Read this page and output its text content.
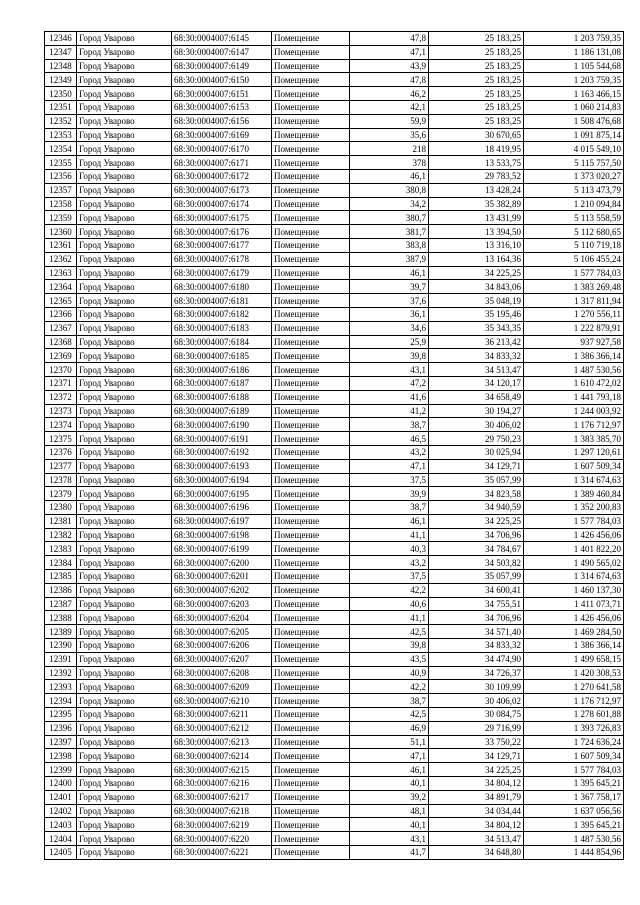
12346	Город Уварово	68:30:0004007:6145	Помещение	47,8	25 183,25	1 203 759,35
12347	Город Уварово	68:30:0004007:6147	Помещение	47,1	25 183,25	1 186 131,08
12348	Город Уварово	68:30:0004007:6149	Помещение	43,9	25 183,25	1 105 544,68
12349	Город Уварово	68:30:0004007:6150	Помещение	47,8	25 183,25	1 203 759,35
12350	Город Уварово	68:30:0004007:6151	Помещение	46,2	25 183,25	1 163 466,15
12351	Город Уварово	68:30:0004007:6153	Помещение	42,1	25 183,25	1 060 214,83
12352	Город Уварово	68:30:0004007:6156	Помещение	59,9	25 183,25	1 508 476,68
12353	Город Уварово	68:30:0004007:6169	Помещение	35,6	30 670,65	1 091 875,14
12354	Город Уварово	68:30:0004007:6170	Помещение	218	18 419,95	4 015 549,10
12355	Город Уварово	68:30:0004007:6171	Помещение	378	13 533,75	5 115 757,50
12356	Город Уварово	68:30:0004007:6172	Помещение	46,1	29 783,52	1 373 020,27
12357	Город Уварово	68:30:0004007:6173	Помещение	380,8	13 428,24	5 113 473,79
12358	Город Уварово	68:30:0004007:6174	Помещение	34,2	35 382,89	1 210 094,84
12359	Город Уварово	68:30:0004007:6175	Помещение	380,7	13 431,99	5 113 558,59
12360	Город Уварово	68:30:0004007:6176	Помещение	381,7	13 394,50	5 112 680,65
12361	Город Уварово	68:30:0004007:6177	Помещение	383,8	13 316,10	5 110 719,18
12362	Город Уварово	68:30:0004007:6178	Помещение	387,9	13 164,36	5 106 455,24
12363	Город Уварово	68:30:0004007:6179	Помещение	46,1	34 225,25	1 577 784,03
12364	Город Уварово	68:30:0004007:6180	Помещение	39,7	34 843,06	1 383 269,48
12365	Город Уварово	68:30:0004007:6181	Помещение	37,6	35 048,19	1 317 811,94
12366	Город Уварово	68:30:0004007:6182	Помещение	36,1	35 195,46	1 270 556,11
12367	Город Уварово	68:30:0004007:6183	Помещение	34,6	35 343,35	1 222 879,91
12368	Город Уварово	68:30:0004007:6184	Помещение	25,9	36 213,42	937 927,58
12369	Город Уварово	68:30:0004007:6185	Помещение	39,8	34 833,32	1 386 366,14
12370	Город Уварово	68:30:0004007:6186	Помещение	43,1	34 513,47	1 487 530,56
12371	Город Уварово	68:30:0004007:6187	Помещение	47,2	34 120,17	1 610 472,02
12372	Город Уварово	68:30:0004007:6188	Помещение	41,6	34 658,49	1 441 793,18
12373	Город Уварово	68:30:0004007:6189	Помещение	41,2	30 194,27	1 244 003,92
12374	Город Уварово	68:30:0004007:6190	Помещение	38,7	30 406,02	1 176 712,97
12375	Город Уварово	68:30:0004007:6191	Помещение	46,5	29 750,23	1 383 385,70
12376	Город Уварово	68:30:0004007:6192	Помещение	43,2	30 025,94	1 297 120,61
12377	Город Уварово	68:30:0004007:6193	Помещение	47,1	34 129,71	1 607 509,34
12378	Город Уварово	68:30:0004007:6194	Помещение	37,5	35 057,99	1 314 674,63
12379	Город Уварово	68:30:0004007:6195	Помещение	39,9	34 823,58	1 389 460,84
12380	Город Уварово	68:30:0004007:6196	Помещение	38,7	34 940,59	1 352 200,83
12381	Город Уварово	68:30:0004007:6197	Помещение	46,1	34 225,25	1 577 784,03
12382	Город Уварово	68:30:0004007:6198	Помещение	41,1	34 706,96	1 426 456,06
12383	Город Уварово	68:30:0004007:6199	Помещение	40,3	34 784,67	1 401 822,20
12384	Город Уварово	68:30:0004007:6200	Помещение	43,2	34 503,82	1 490 565,02
12385	Город Уварово	68:30:0004007:6201	Помещение	37,5	35 057,99	1 314 674,63
12386	Город Уварово	68:30:0004007:6202	Помещение	42,2	34 600,41	1 460 137,30
12387	Город Уварово	68:30:0004007:6203	Помещение	40,6	34 755,51	1 411 073,71
12388	Город Уварово	68:30:0004007:6204	Помещение	41,1	34 706,96	1 426 456,06
12389	Город Уварово	68:30:0004007:6205	Помещение	42,5	34 571,40	1 469 284,50
12390	Город Уварово	68:30:0004007:6206	Помещение	39,8	34 833,32	1 386 366,14
12391	Город Уварово	68:30:0004007:6207	Помещение	43,5	34 474,90	1 499 658,15
12392	Город Уварово	68:30:0004007:6208	Помещение	40,9	34 726,37	1 420 308,53
12393	Город Уварово	68:30:0004007:6209	Помещение	42,2	30 109,99	1 270 641,58
12394	Город Уварово	68:30:0004007:6210	Помещение	38,7	30 406,02	1 176 712,97
12395	Город Уварово	68:30:0004007:6211	Помещение	42,5	30 084,75	1 278 601,88
12396	Город Уварово	68:30:0004007:6212	Помещение	46,9	29 716,99	1 393 726,83
12397	Город Уварово	68:30:0004007:6213	Помещение	51,1	33 750,22	1 724 636,24
12398	Город Уварово	68:30:0004007:6214	Помещение	47,1	34 129,71	1 607 509,34
12399	Город Уварово	68:30:0004007:6215	Помещение	46,1	34 225,25	1 577 784,03
12400	Город Уварово	68:30:0004007:6216	Помещение	40,1	34 804,12	1 395 645,21
12401	Город Уварово	68:30:0004007:6217	Помещение	39,2	34 891,79	1 367 758,17
12402	Город Уварово	68:30:0004007:6218	Помещение	48,1	34 034,44	1 637 056,56
12403	Город Уварово	68:30:0004007:6219	Помещение	40,1	34 804,12	1 395 645,21
12404	Город Уварово	68:30:0004007:6220	Помещение	43,1	34 513,47	1 487 530,56
12405	Город Уварово	68:30:0004007:6221	Помещение	41,7	34 648,80	1 444 854,96
